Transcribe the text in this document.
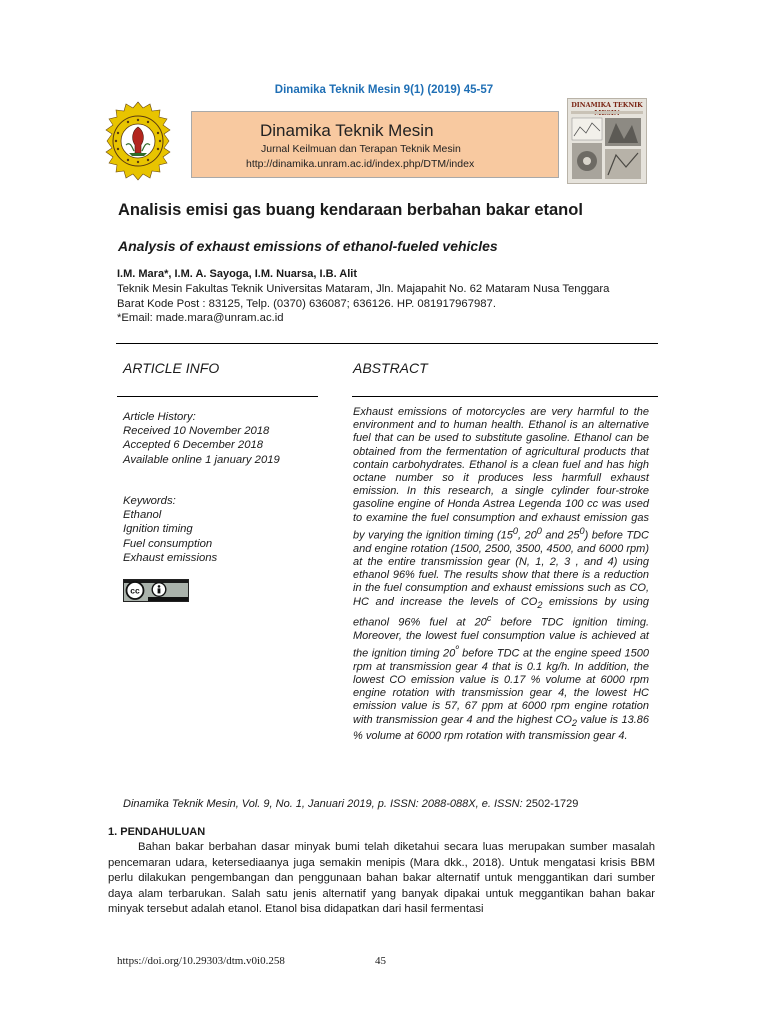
Dinamika Teknik Mesin 9(1) (2019) 45-57
Dinamika Teknik Mesin
Jurnal Keilmuan dan Terapan Teknik Mesin
http://dinamika.unram.ac.id/index.php/DTM/index
DINAMIKA TEKNIK
Analisis emisi gas buang kendaraan berbahan bakar etanol
Analysis of exhaust emissions of ethanol-fueled vehicles
I.M. Mara*, I.M. A. Sayoga, I.M. Nuarsa, I.B. Alit
Teknik Mesin Fakultas Teknik Universitas Mataram, Jln. Majapahit No. 62 Mataram Nusa Tenggara
Barat Kode Post : 83125, Telp. (0370) 636087; 636126. HP. 081917967987.
*Email: made.mara@unram.ac.id
ARTICLE INFO	ABSTRACT
Article History:
Received 10 November 2018
Accepted 6 December 2018
Available online 1 january 2019
Keywords:
Ethanol
Ignition timing
Fuel consumption
Exhaust emissions
cc

Exhaust emissions of motorcycles are very harmful to the environment and to human health. Ethanol is an alternative fuel that can be used to substitute gasoline. Ethanol can be obtained from the fermentation of agricultural products that contain carbohydrates. Ethanol is a clean fuel and has high octane number so it produces less harmfull exhaust emission. In this research, a single cylinder four-stroke gasoline engine of Honda Astrea Legenda 100 cc was used to examine the fuel consumption and exhaust emission gas by varying the ignition timing ($15^0$, $20^0$ and $25^0$) before TDC and engine rotation (1500, 2500, 3500, 4500, and 6000 rpm) at the entire transmission gear (N, 1, 2, 3 , and 4) using ethanol 96% fuel. The results show that there is a reduction in the fuel consumption and exhaust emissions such as CO, HC and increase the levels of $CO_2$ emissions by using ethanol 96% fuel at 20$^c$ before TDC ignition timing. Moreover, the lowest fuel consumption value is achieved at the ignition timing $20^º$ before TDC at the engine speed 1500 rpm at transmission gear 4 that is 0.1 kg/h. In addition, the lowest CO emission value is 0.17 % volume at 6000 rpm engine rotation with transmission gear 4, the lowest HC emission value is 57, 67 ppm at 6000 rpm engine rotation with transmission gear 4 and the highest $CO_2$ value is 13.86 % volume at 6000 rpm rotation with transmission gear 4.

Dinamika Teknik Mesin, Vol. 9, No. 1, Januari 2019, p. ISSN: 2088-088X, e. ISSN: 2502-1729
1. PENDAHULUAN

Bahan bakar berbahan dasar minyak bumi telah diketahui secara luas merupakan sumber masalah pencemaran udara, ketersediaanya juga semakin menipis (Mara dkk., 2018). Untuk mengatasi krisis BBM perlu dilakukan pengembangan dan penggunaan bahan bakar alternatif untuk menggantikan dari sumber daya alam terbarukan. Salah satu jenis alternatif yang banyak dipakai untuk meggantikan bahan bakar minyak tersebut adalah etanol. Etanol bisa didapatkan dari hasil fermentasi

https://doi.org/10.29303/dtm.v0i0.258	45
